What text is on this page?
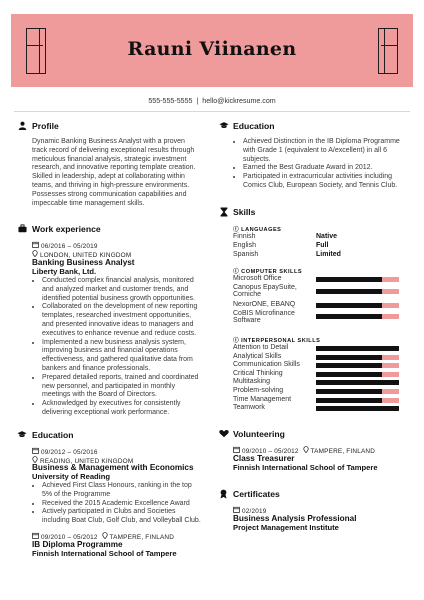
Rauni Viinanen
555-555-5555 | hello@kickresume.com
Profile
Dynamic Banking Business Analyst with a proven
track record of delivering exceptional results through
meticulous financial analysis, strategic investment
research, and innovative reporting template creation.
Skilled in leadership, adept at collaborating within
teams, and thriving in high-pressure environments.
Possesses strong communication capabilities and
impeccable time management skills.
Work experience
06/2016 – 05/2019
LONDON, UNITED KINGDOM
Banking Business Analyst
Liberty Bank, Ltd.
• Conducted complex financial analysis, monitored
and analyzed market and customer trends, and
identified potential business growth opportunities.
• Collaborated on the development of new reporting
templates, researched investment opportunities,
and presented innovative ideas to managers and
executives to enhance revenue and reduce costs.
• Implemented a new business analysis system,
improving business and financial operations
effectiveness, and gathered qualitative data from
bankers and finance professionals.
• Prepared detailed reports, trained and coordinated
new personnel, and participated in monthly
meetings with the Board of Directors.
• Acknowledged by executives for consistently
delivering exceptional work performance.
Education
09/2012 – 05/2016
READING, UNITED KINGDOM
Business & Management with Economics
University of Reading
• Achieved First Class Honours, ranking in the top
5% of the Programme
• Received the 2015 Academic Excellence Award
• Actively participated in Clubs and Societies
including Boat Club, Golf Club, and Volleyball Club.
09/2010 – 05/2012 TAMPERE, FINLAND
IB Diploma Programme
Finnish International School of Tampere
Education
• Achieved Distinction in the IB Diploma Programme
with Grade 1 (equivalent to A/excellent) in all 6
subjects.
• Earned the Best Graduate Award in 2012.
• Participated in extracurricular activities including
Comics Club, European Society, and Tennis Club.
Skills
ⓘ LANGUAGES
Finnish	Native
English	Full
Spanish	Limited
ⓘ COMPUTER SKILLS
Microsoft Office
Canopus EpaySuite,
Corniche
NexorONE, EBANQ
CoBIS Microfinance
Software
ⓘ INTERPERSONAL SKILLS
Attention to Detail
Analytical Skills
Communication Skills
Critical Thinking
Multitasking
Problem-solving
Time Management
Teamwork
Volunteering
09/2010 – 05/2012 TAMPERE, FINLAND
Class Treasurer
Finnish International School of Tampere
Certificates
02/2019
Business Analysis Professional
Project Management Institute
